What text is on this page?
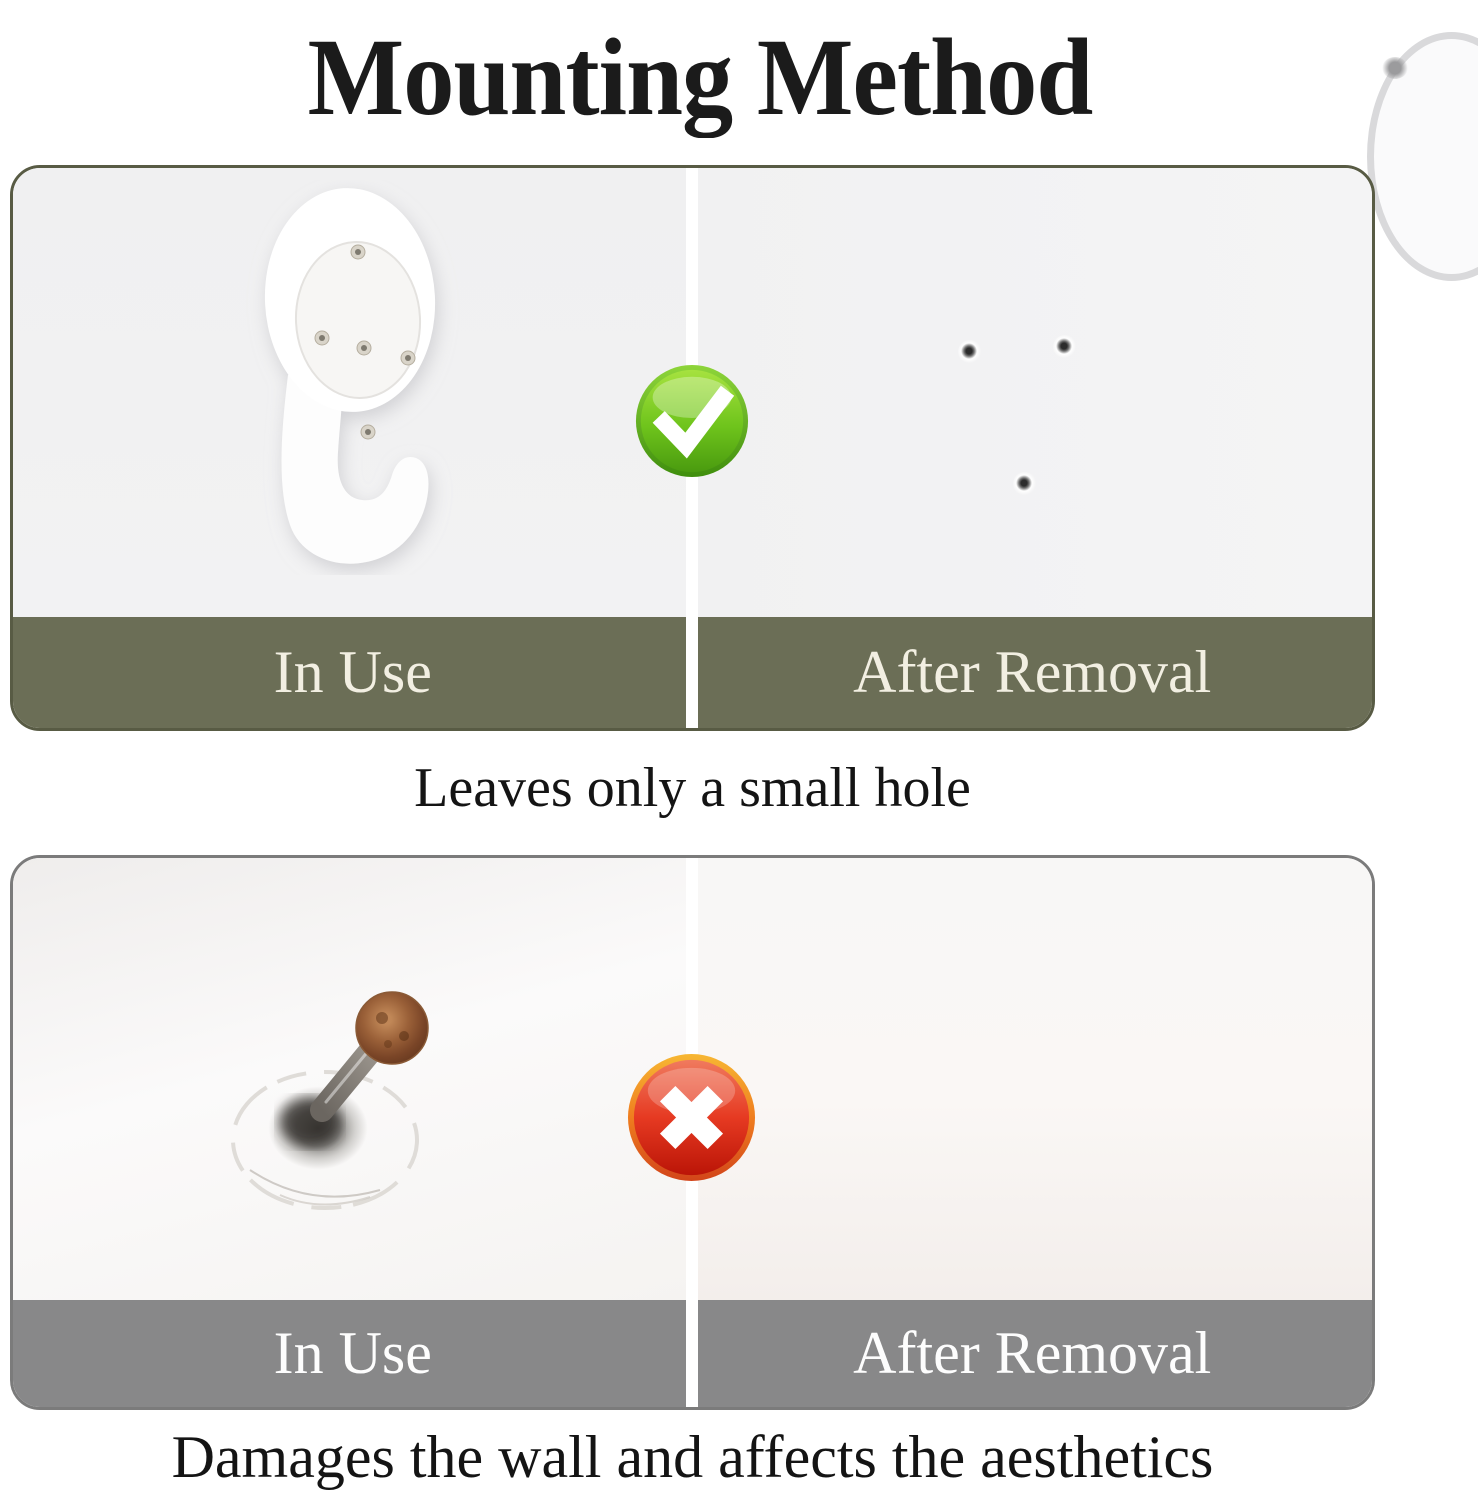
Mounting Method
In Use	After Removal
Leaves only a small hole
In Use	After Removal
Damages the wall and affects the aesthetics
